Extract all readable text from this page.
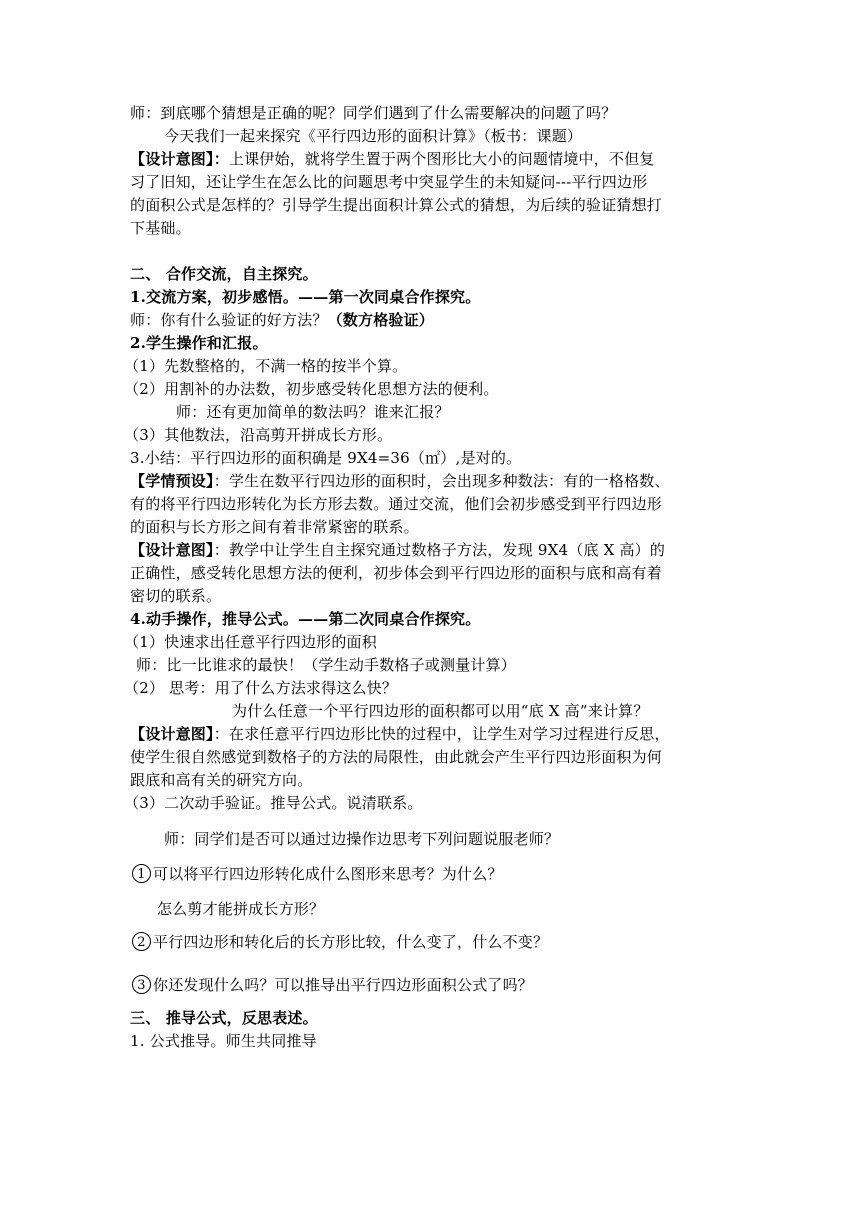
师：到底哪个猜想是正确的呢？同学们遇到了什么需要解决的问题了吗？
今天我们一起来探究《平行四边形的面积计算》（板书：课题）
【设计意图】：上课伊始，就将学生置于两个图形比大小的问题情境中，不但复
习了旧知，还让学生在怎么比的问题思考中突显学生的未知疑问---平行四边形
的面积公式是怎样的？引导学生提出面积计算公式的猜想，为后续的验证猜想打
下基础。
二、 合作交流，自主探究。
1.交流方案，初步感悟。——第一次同桌合作探究。
师：你有什么验证的好方法？（数方格验证）
2.学生操作和汇报。
（1）先数整格的，不满一格的按半个算。
（2）用割补的办法数，初步感受转化思想方法的便利。
师：还有更加简单的数法吗？谁来汇报？
（3）其他数法，沿高剪开拼成长方形。
3.小结：平行四边形的面积确是 9X4=36（㎡）,是对的。
【学情预设】：学生在数平行四边形的面积时，会出现多种数法：有的一格格数、
有的将平行四边形转化为长方形去数。通过交流，他们会初步感受到平行四边形
的面积与长方形之间有着非常紧密的联系。
【设计意图】：教学中让学生自主探究通过数格子方法，发现 9X4（底 X 高）的
正确性，感受转化思想方法的便利，初步体会到平行四边形的面积与底和高有着
密切的联系。
4.动手操作，推导公式。——第二次同桌合作探究。
（1）快速求出任意平行四边形的面积
师：比一比谁求的最快！（学生动手数格子或测量计算）
（2） 思考：用了什么方法求得这么快？
为什么任意一个平行四边形的面积都可以用“底 X 高”来计算？
【设计意图】：在求任意平行四边形比快的过程中，让学生对学习过程进行反思，
使学生很自然感觉到数格子的方法的局限性，由此就会产生平行四边形面积为何
跟底和高有关的研究方向。
（3）二次动手验证。推导公式。说清联系。
师：同学们是否可以通过边操作边思考下列问题说服老师？
1 可以将平行四边形转化成什么图形来思考？为什么？
怎么剪才能拼成长方形？
2 平行四边形和转化后的长方形比较，什么变了，什么不变？
3 你还发现什么吗？可以推导出平行四边形面积公式了吗？
三、 推导公式，反思表述。
1. 公式推导。师生共同推导
